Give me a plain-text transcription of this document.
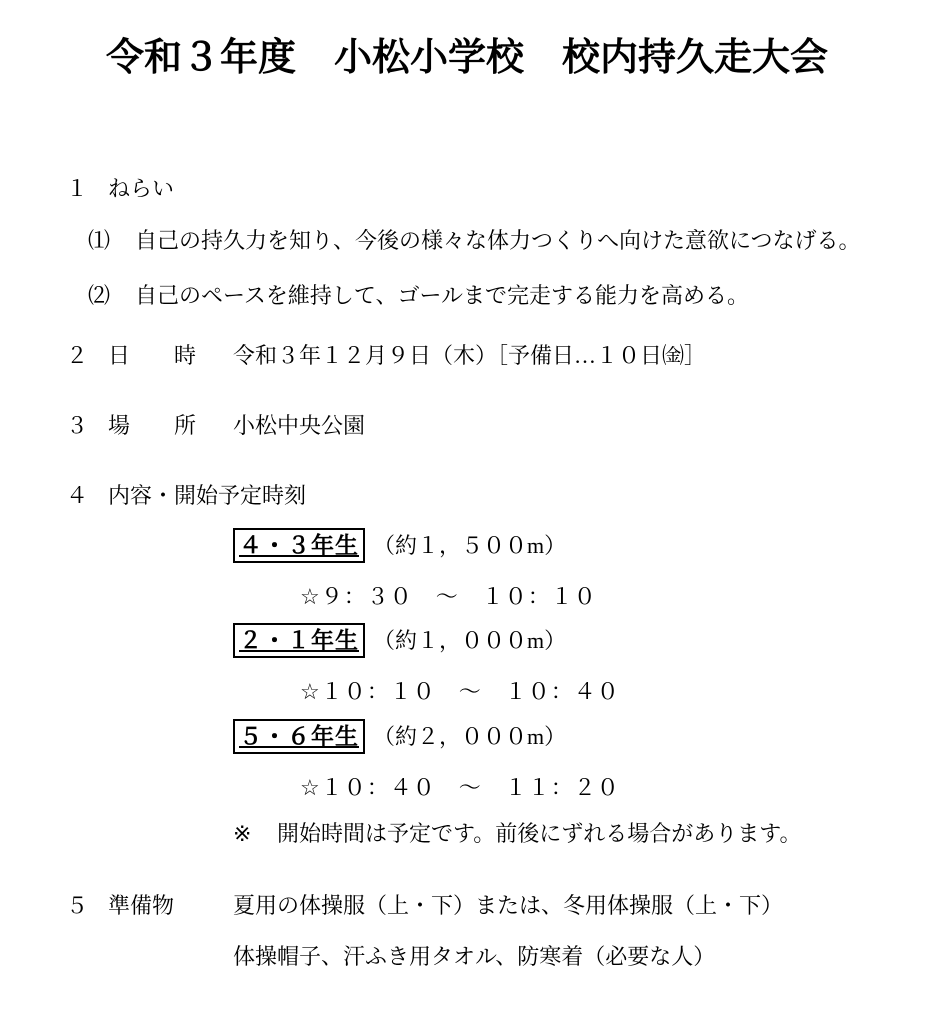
令和３年度　小松小学校　校内持久走大会
１ ねらい
⑴	自己の持久力を知り、今後の様々な体力つくりへ向けた意欲につなげる。
⑵	自己のペースを維持して、ゴールまで完走する能力を高める。
２ 日　　時	令和３年１２月９日（木）［予備日…１０日㈮］
３ 場　　所	小松中央公園
４ 内容・開始予定時刻
４・３年生 （約１，５００m）
☆９：３０　～　１０：１０
２・１年生 （約１，０００m）
☆１０：１０　～　１０：４０
５・６年生 （約２，０００m）
☆１０：４０　～　１１：２０
※	開始時間は予定です。前後にずれる場合があります。
５ 準備物	夏用の体操服（上・下）または、冬用体操服（上・下）
体操帽子、汗ふき用タオル、防寒着（必要な人）
